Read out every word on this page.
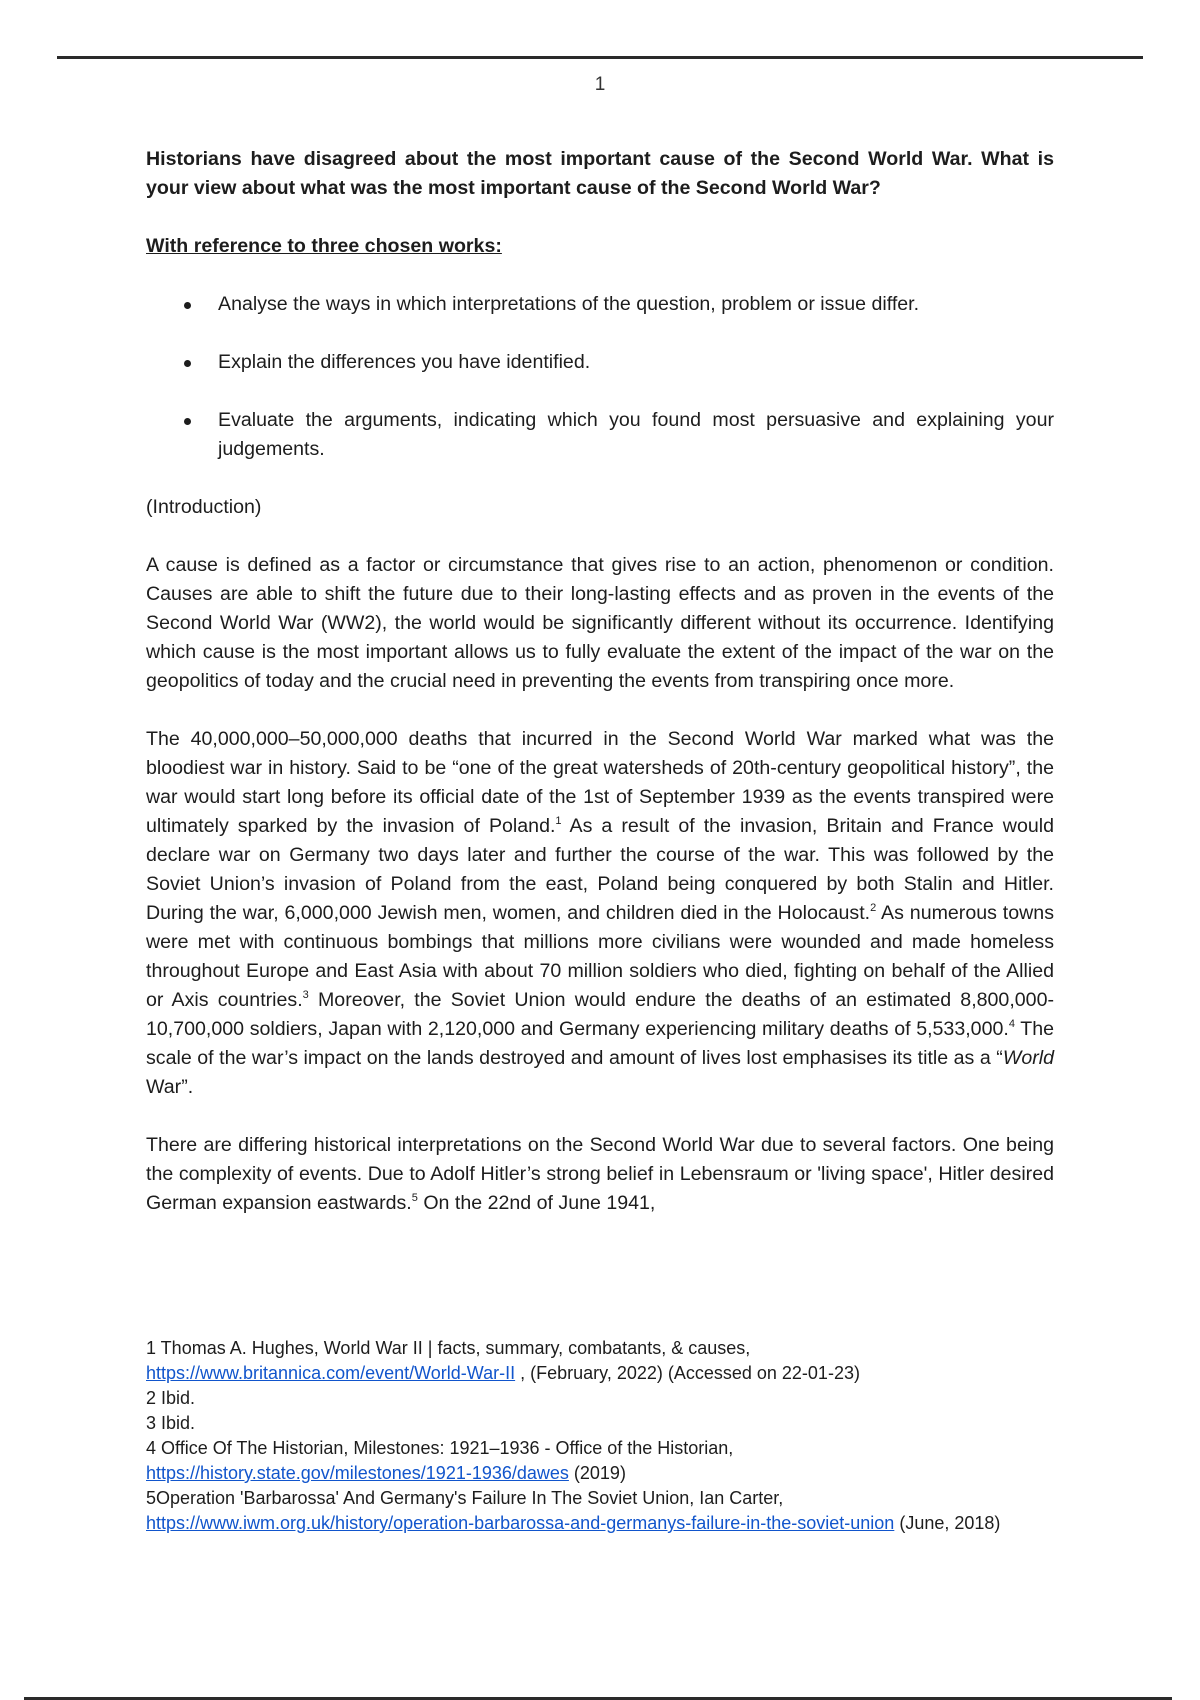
1

Historians have disagreed about the most important cause of the Second World War. What is your view about what was the most important cause of the Second World War?

With reference to three chosen works:

Analyse the ways in which interpretations of the question, problem or issue differ.
Explain the differences you have identified.
Evaluate the arguments, indicating which you found most persuasive and explaining your judgements.

(Introduction)

A cause is defined as a factor or circumstance that gives rise to an action, phenomenon or condition. Causes are able to shift the future due to their long-lasting effects and as proven in the events of the Second World War (WW2), the world would be significantly different without its occurrence. Identifying which cause is the most important allows us to fully evaluate the extent of the impact of the war on the geopolitics of today and the crucial need in preventing the events from transpiring once more.

The 40,000,000–50,000,000 deaths that incurred in the Second World War marked what was the bloodiest war in history. Said to be “one of the great watersheds of 20th-century geopolitical history”, the war would start long before its official date of the 1st of September 1939 as the events transpired were ultimately sparked by the invasion of Poland.$^1$ As a result of the invasion, Britain and France would declare war on Germany two days later and further the course of the war. This was followed by the Soviet Union’s invasion of Poland from the east, Poland being conquered by both Stalin and Hitler. During the war, 6,000,000 Jewish men, women, and children died in the Holocaust.$^2$ As numerous towns were met with continuous bombings that millions more civilians were wounded and made homeless throughout Europe and East Asia with about 70 million soldiers who died, fighting on behalf of the Allied or Axis countries.$^3$ Moreover, the Soviet Union would endure the deaths of an estimated 8,800,000-10,700,000 soldiers, Japan with 2,120,000 and Germany experiencing military deaths of 5,533,000.$^4$ The scale of the war’s impact on the lands destroyed and amount of lives lost emphasises its title as a “World War”.

There are differing historical interpretations on the Second World War due to several factors. One being the complexity of events. Due to Adolf Hitler’s strong belief in Lebensraum or 'living space', Hitler desired German expansion eastwards.$^5$ On the 22nd of June 1941,

1 Thomas A. Hughes, World War II | facts, summary, combatants, & causes,
https://www.britannica.com/event/World-War-II , (February, 2022) (Accessed on 22-01-23)

2 Ibid.

3 Ibid.

4 Office Of The Historian, Milestones: 1921–1936 - Office of the Historian,
https://history.state.gov/milestones/1921-1936/dawes (2019)

5Operation 'Barbarossa' And Germany's Failure In The Soviet Union, Ian Carter,
https://www.iwm.org.uk/history/operation-barbarossa-and-germanys-failure-in-the-soviet-union (June, 2018)
